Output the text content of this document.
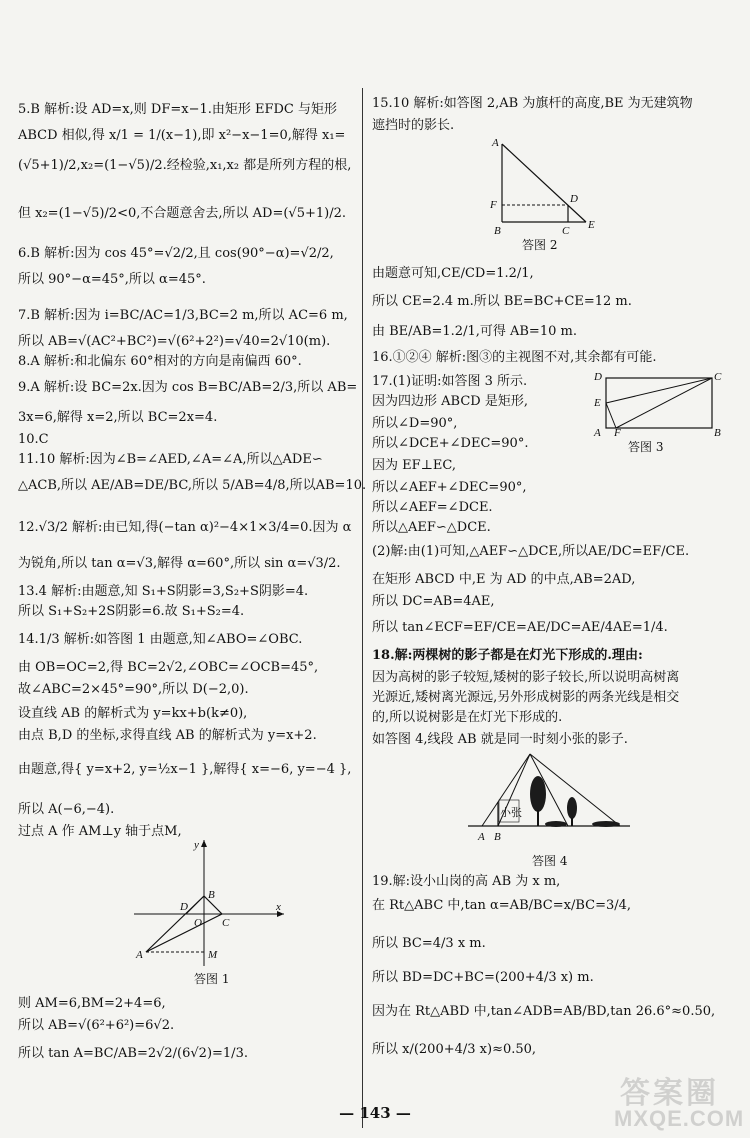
5.B 解析:设 AD=x,则 DF=x−1.由矩形 EFDC 与矩形
ABCD 相似,得 x/1 = 1/(x−1),即 x²−x−1=0,解得 x₁=
(√5+1)/2,x₂=(1−√5)/2.经检验,x₁,x₂ 都是所列方程的根,
但 x₂=(1−√5)/2<0,不合题意舍去,所以 AD=(√5+1)/2.
6.B 解析:因为 cos 45°=√2/2,且 cos(90°−α)=√2/2,
所以 90°−α=45°,所以 α=45°.
7.B 解析:因为 i=BC/AC=1/3,BC=2 m,所以 AC=6 m,
所以 AB=√(AC²+BC²)=√(6²+2²)=√40=2√10(m).
8.A 解析:和北偏东 60°相对的方向是南偏西 60°.
9.A 解析:设 BC=2x.因为 cos B=BC/AB=2/3,所以 AB=
3x=6,解得 x=2,所以 BC=2x=4.
10.C
11.10 解析:因为∠B=∠AED,∠A=∠A,所以△ADE∽
△ACB,所以 AE/AB=DE/BC,所以 5/AB=4/8,所以AB=10.
12.√3/2 解析:由已知,得(−tan α)²−4×1×3/4=0.因为 α
为锐角,所以 tan α=√3,解得 α=60°,所以 sin α=√3/2.
13.4 解析:由题意,知 S₁+S阴影=3,S₂+S阴影=4.
所以 S₁+S₂+2S阴影=6.故 S₁+S₂=4.
14.1/3 解析:如答图 1 由题意,知∠ABO=∠OBC.
由 OB=OC=2,得 BC=2√2,∠OBC=∠OCB=45°,
故∠ABC=2×45°=90°,所以 D(−2,0).
设直线 AB 的解析式为 y=kx+b(k≠0),
由点 B,D 的坐标,求得直线 AB 的解析式为 y=x+2.
由题意,得{ y=x+2, y=½x−1 },解得{ x=−6, y=−4 },
所以 A(−6,−4).
过点 A 作 AM⊥y 轴于点M,
y
x
B
D
O C
A	M
答图 1
则 AM=6,BM=2+4=6,
所以 AB=√(6²+6²)=6√2.
所以 tan A=BC/AB=2√2/(6√2)=1/3.
15.10 解析:如答图 2,AB 为旗杆的高度,BE 为无建筑物
遮挡时的影长.
A
F
B
D
C E
答图 2
由题意可知,CE/CD=1.2/1,
所以 CE=2.4 m.所以 BE=BC+CE=12 m.
由 BE/AB=1.2/1,可得 AB=10 m.
16.①②④ 解析:图③的主视图不对,其余都有可能.
17.(1)证明:如答图 3 所示.
因为四边形 ABCD 是矩形,
所以∠D=90°,
所以∠DCE+∠DEC=90°.
因为 EF⊥EC,
所以∠AEF+∠DEC=90°,
所以∠AEF=∠DCE.
所以△AEF∽△DCE.
D	C
E
A F	B
答图 3
(2)解:由(1)可知,△AEF∽△DCE,所以AE/DC=EF/CE.
在矩形 ABCD 中,E 为 AD 的中点,AB=2AD,
所以 DC=AB=4AE,
所以 tan∠ECF=EF/CE=AE/DC=AE/4AE=1/4.
18.解:两棵树的影子都是在灯光下形成的.理由:
因为高树的影子较短,矮树的影子较长,所以说明高树离
光源近,矮树离光源远,另外形成树影的两条光线是相交
的,所以说树影是在灯光下形成的.
如答图 4,线段 AB 就是同一时刻小张的影子.
A B
小张
答图 4
19.解:设小山岗的高 AB 为 x m,
在 Rt△ABC 中,tan α=AB/BC=x/BC=3/4,
所以 BC=4/3 x m.
所以 BD=DC+BC=(200+4/3 x) m.
因为在 Rt△ABD 中,tan∠ADB=AB/BD,tan 26.6°≈0.50,
所以 x/(200+4/3 x)≈0.50,
— 143 —
答案圈
MXQE.COM
